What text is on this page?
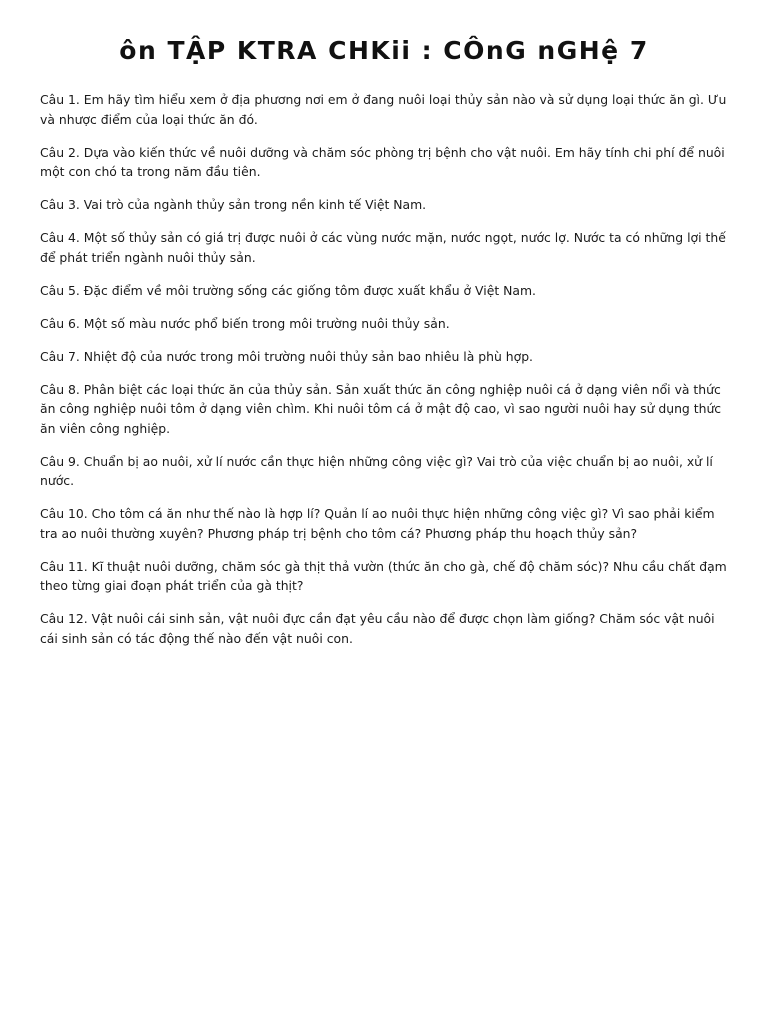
ôn TẬP KTRA CHKii : CÔnG nGHệ 7
Câu 1. Em hãy tìm hiểu xem ở địa phương nơi em ở đang nuôi loại thủy sản nào và sử dụng loại thức ăn gì. Ưu và nhược điểm của loại thức ăn đó.
Câu 2. Dựa vào kiến thức về nuôi dưỡng và chăm sóc phòng trị bệnh cho vật nuôi. Em hãy tính chi phí để nuôi một con chó ta trong năm đầu tiên.
Câu 3. Vai trò của ngành thủy sản trong nền kinh tế Việt Nam.
Câu 4. Một số thủy sản có giá trị được nuôi ở các vùng nước mặn, nước ngọt, nước lợ. Nước ta có những lợi thế để phát triển ngành nuôi thủy sản.
Câu 5. Đặc điểm về môi trường sống các giống tôm được xuất khẩu ở Việt Nam.
Câu 6. Một số màu nước phổ biến trong môi trường nuôi thủy sản.
Câu 7. Nhiệt độ của nước trong môi trường nuôi thủy sản bao nhiêu là phù hợp.
Câu 8. Phân biệt các loại thức ăn của thủy sản. Sản xuất thức ăn công nghiệp nuôi cá ở dạng viên nổi và thức ăn công nghiệp nuôi tôm ở dạng viên chìm. Khi nuôi tôm cá ở mật độ cao, vì sao người nuôi hay sử dụng thức ăn viên công nghiệp.
Câu 9. Chuẩn bị ao nuôi, xử lí nước cần thực hiện những công việc gì? Vai trò của việc chuẩn bị ao nuôi, xử lí nước.
Câu 10. Cho tôm cá ăn như thế nào là hợp lí? Quản lí ao nuôi thực hiện những công việc gì? Vì sao phải kiểm tra ao nuôi thường xuyên? Phương pháp trị bệnh cho tôm cá? Phương pháp thu hoạch thủy sản?
Câu 11. Kĩ thuật nuôi dưỡng, chăm sóc gà thịt thả vườn (thức ăn cho gà, chế độ chăm sóc)? Nhu cầu chất đạm theo từng giai đoạn phát triển của gà thịt?
Câu 12. Vật nuôi cái sinh sản, vật nuôi đực cần đạt yêu cầu nào để được chọn làm giống? Chăm sóc vật nuôi cái sinh sản có tác động thế nào đến vật nuôi con.
